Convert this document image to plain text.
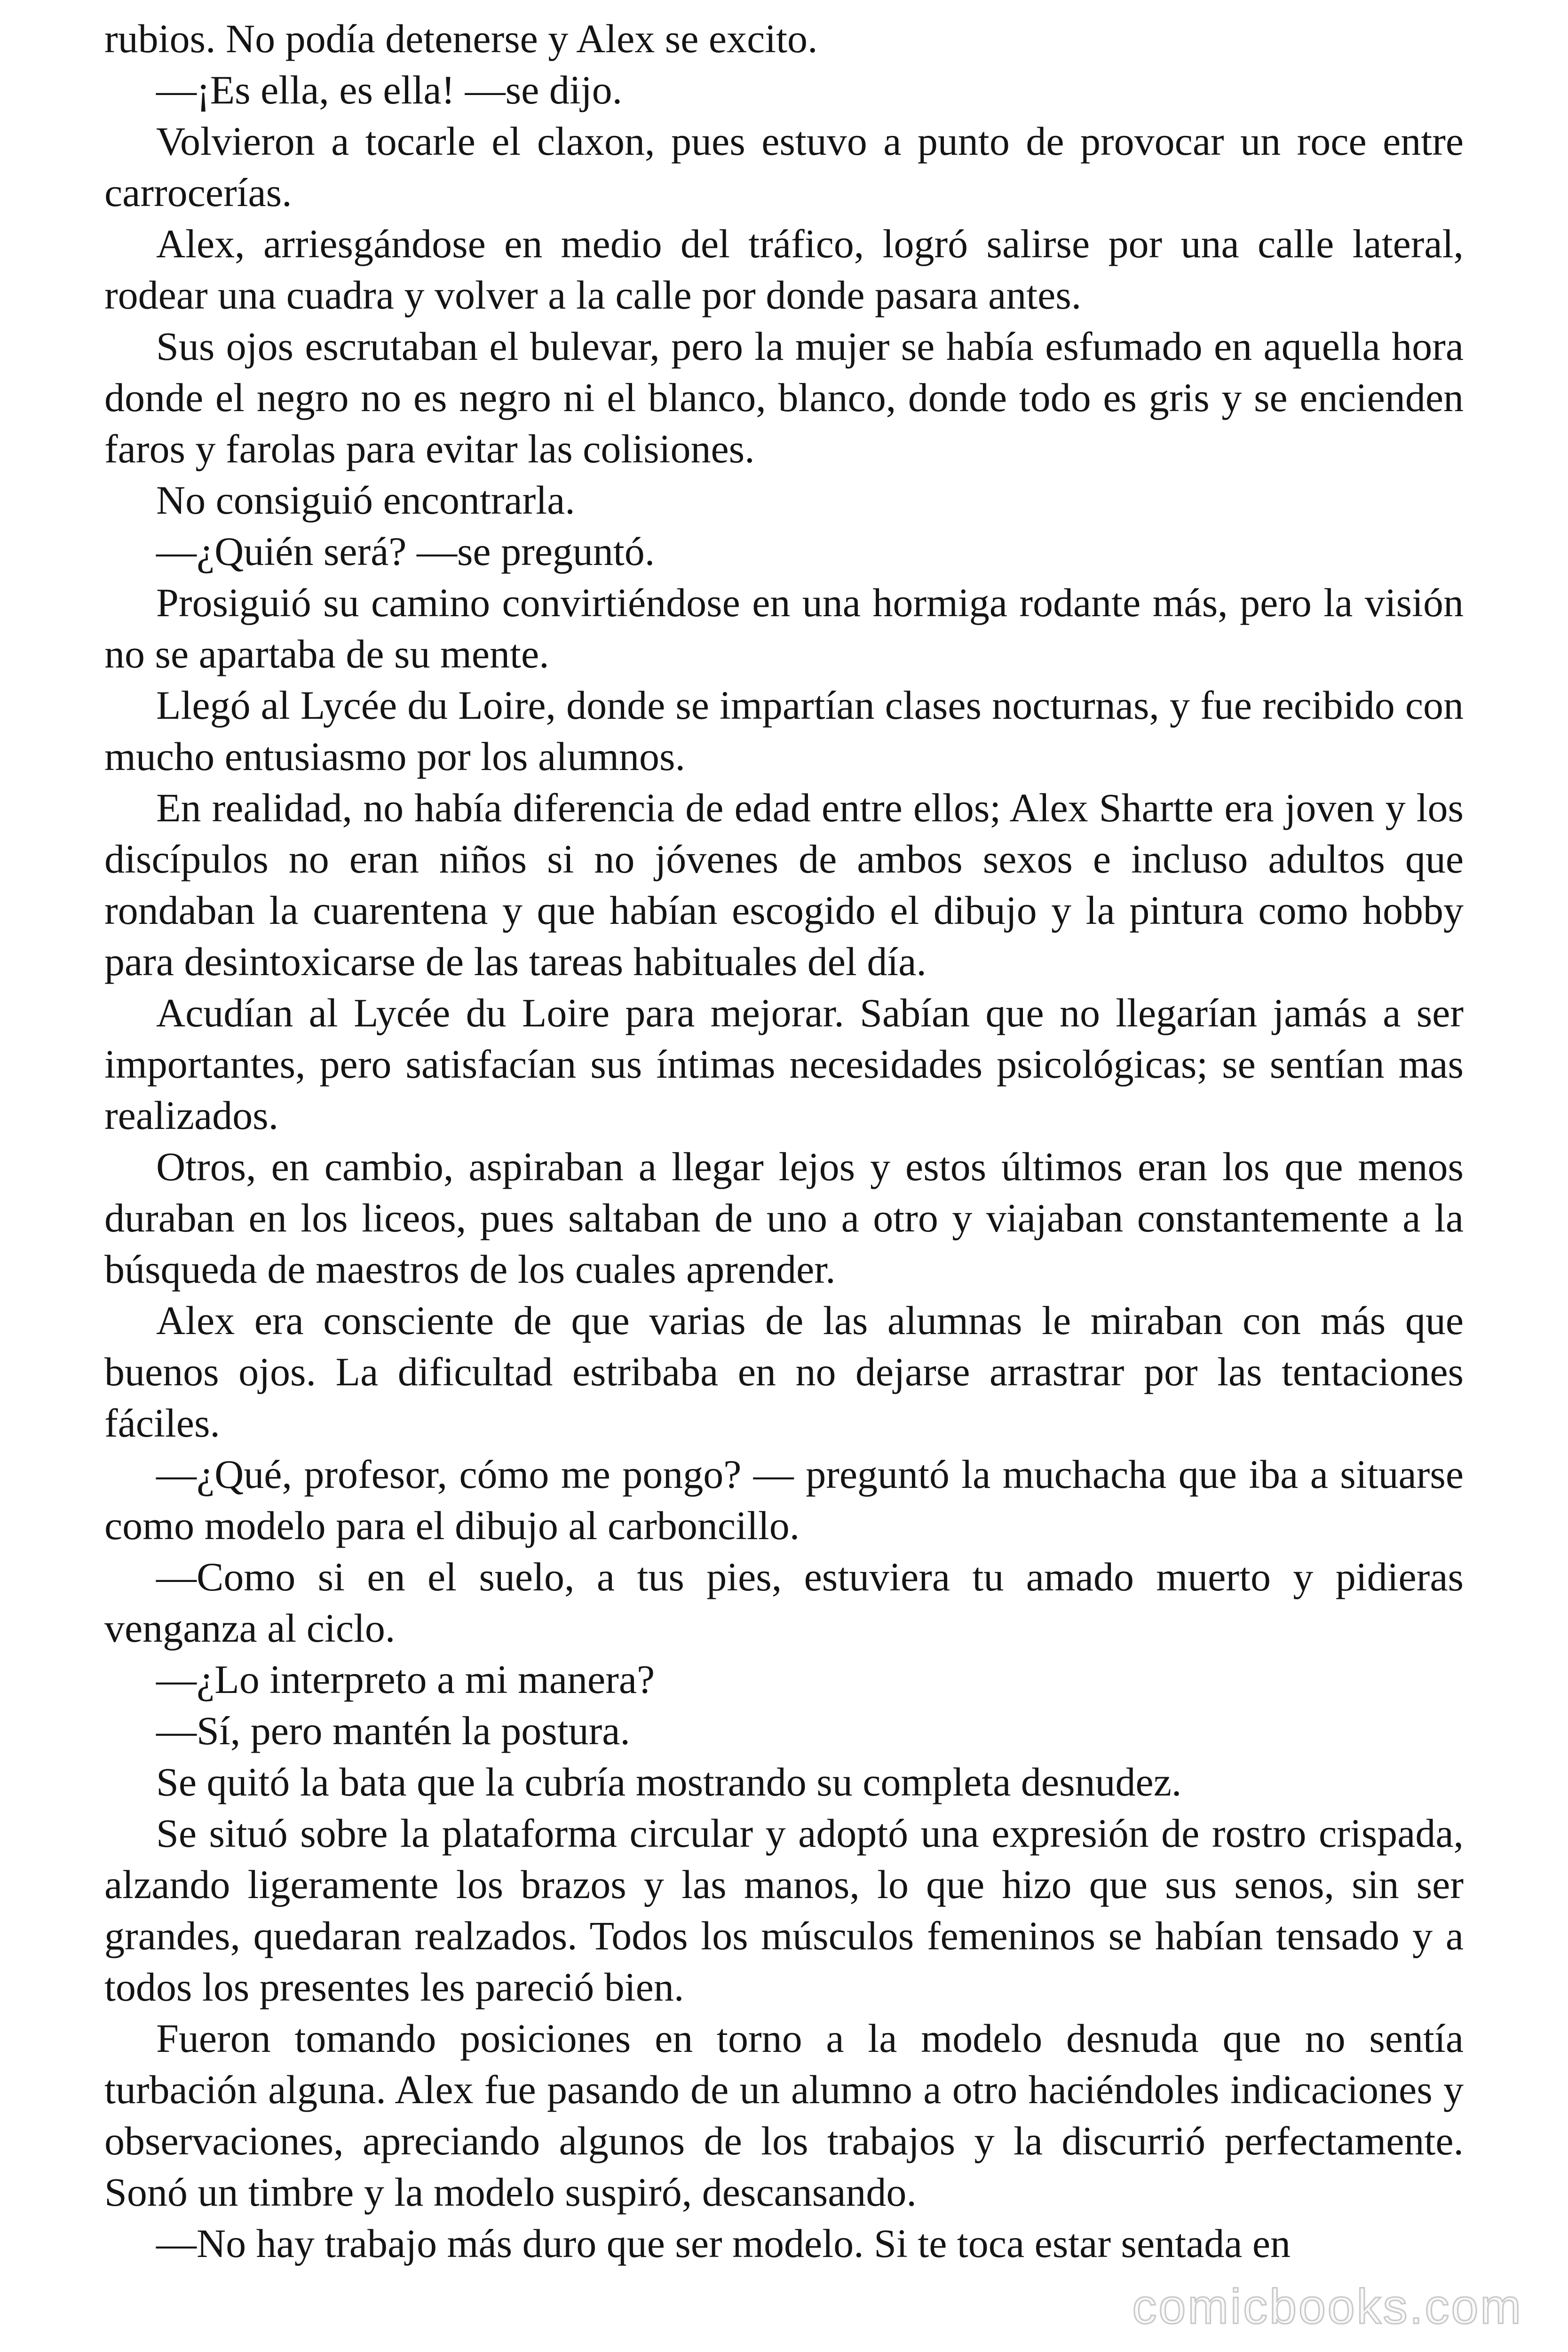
rubios. No podía detenerse y Alex se excito.

—¡Es ella, es ella! —se dijo.

Volvieron a tocarle el claxon, pues estuvo a punto de provocar un roce entre carrocerías.

Alex, arriesgándose en medio del tráfico, logró salirse por una calle lateral, rodear una cuadra y volver a la calle por donde pasara antes.

Sus ojos escrutaban el bulevar, pero la mujer se había esfumado en aquella hora donde el negro no es negro ni el blanco, blanco, donde todo es gris y se encienden faros y farolas para evitar las colisiones.

No consiguió encontrarla.

—¿Quién será? —se preguntó.

Prosiguió su camino convirtiéndose en una hormiga rodante más, pero la visión no se apartaba de su mente.

Llegó al Lycée du Loire, donde se impartían clases nocturnas, y fue recibido con mucho entusiasmo por los alumnos.

En realidad, no había diferencia de edad entre ellos; Alex Shartte era joven y los discípulos no eran niños si no jóvenes de ambos sexos e incluso adultos que rondaban la cuarentena y que habían escogido el dibujo y la pintura como hobby para desintoxicarse de las tareas habituales del día.

Acudían al Lycée du Loire para mejorar. Sabían que no llegarían jamás a ser importantes, pero satisfacían sus íntimas necesidades psicológicas; se sentían mas realizados.

Otros, en cambio, aspiraban a llegar lejos y estos últimos eran los que menos duraban en los liceos, pues saltaban de uno a otro y viajaban constantemente a la búsqueda de maestros de los cuales aprender.

Alex era consciente de que varias de las alumnas le miraban con más que buenos ojos. La dificultad estribaba en no dejarse arrastrar por las tentaciones fáciles.

—¿Qué, profesor, cómo me pongo? — preguntó la muchacha que iba a situarse como modelo para el dibujo al carboncillo.

—Como si en el suelo, a tus pies, estuviera tu amado muerto y pidieras venganza al ciclo.

—¿Lo interpreto a mi manera?

—Sí, pero mantén la postura.

Se quitó la bata que la cubría mostrando su completa desnudez.

Se situó sobre la plataforma circular y adoptó una expresión de rostro crispada, alzando ligeramente los brazos y las manos, lo que hizo que sus senos, sin ser grandes, quedaran realzados. Todos los músculos femeninos se habían tensado y a todos los presentes les pareció bien.

Fueron tomando posiciones en torno a la modelo desnuda que no sentía turbación alguna. Alex fue pasando de un alumno a otro haciéndoles indicaciones y observaciones, apreciando algunos de los trabajos y la discurrió perfectamente. Sonó un timbre y la modelo suspiró, descansando.

—No hay trabajo más duro que ser modelo. Si te toca estar sentada en

comicbooks.com
